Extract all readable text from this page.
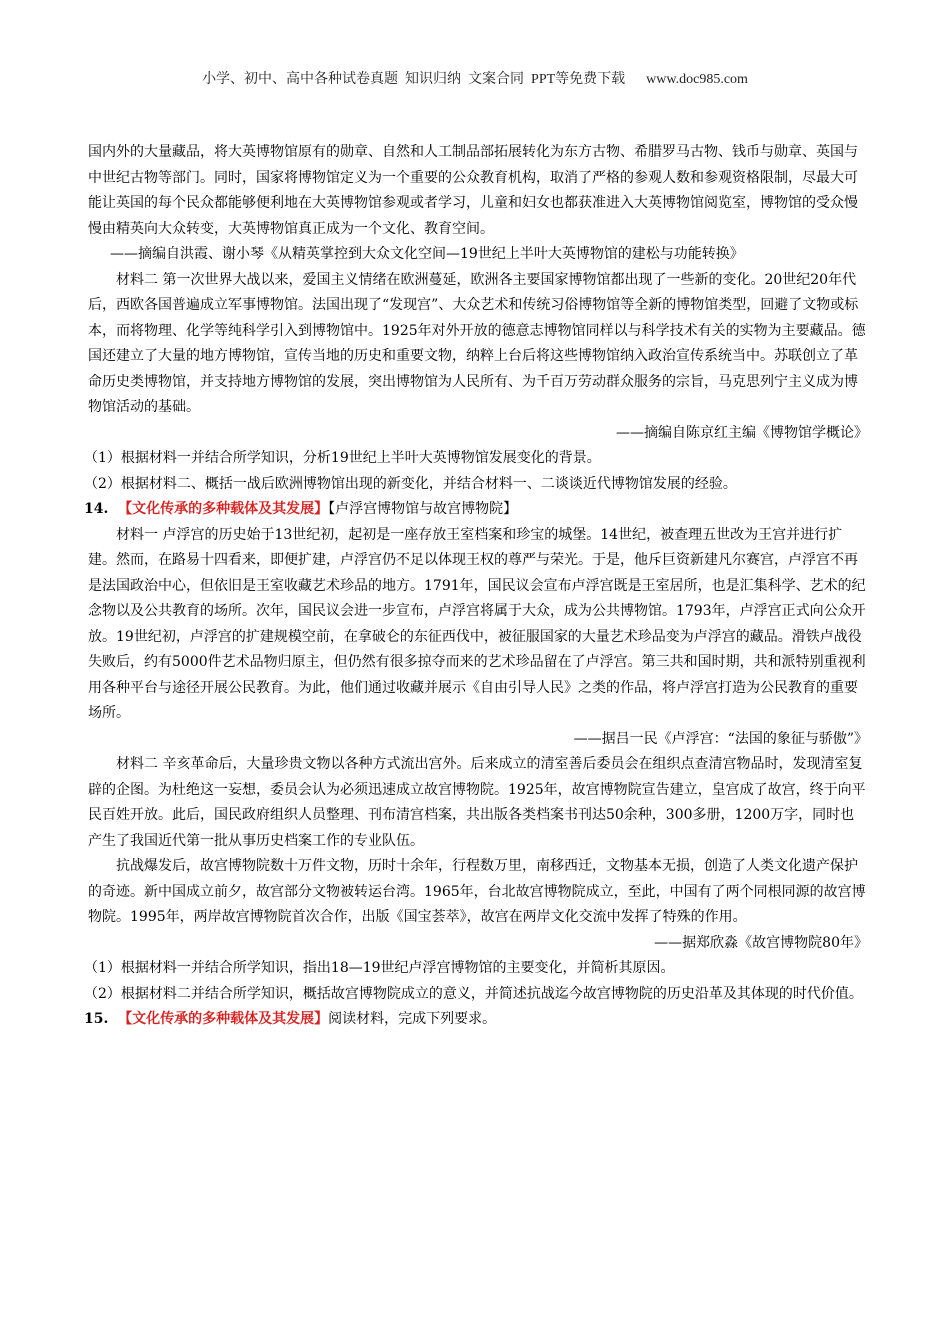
小学、初中、高中各种试卷真题  知识归纳  文案合同  PPT等免费下载      www.doc985.com

国内外的大量藏品，将大英博物馆原有的勋章、自然和人工制品部拓展转化为东方古物、希腊罗马古物、钱币与勋章、英国与中世纪古物等部门。同时，国家将博物馆定义为一个重要的公众教育机构，取消了严格的参观人数和参观资格限制，尽最大可能让英国的每个民众都能够便利地在大英博物馆参观或者学习，儿童和妇女也都获准进入大英博物馆阅览室，博物馆的受众慢慢由精英向大众转变，大英博物馆真正成为一个文化、教育空间。

——摘编自洪霞、谢小琴《从精英掌控到大众文化空间—19世纪上半叶大英博物馆的建松与功能转换》

材料二 第一次世界大战以来，爱国主义情绪在欧洲蔓延，欧洲各主要国家博物馆都出现了一些新的变化。20世纪20年代后，西欧各国普遍成立军事博物馆。法国出现了“发现宫”、大众艺术和传统习俗博物馆等全新的博物馆类型，回避了文物或标本，而将物理、化学等纯科学引入到博物馆中。1925年对外开放的德意志博物馆同样以与科学技术有关的实物为主要藏品。德国还建立了大量的地方博物馆，宣传当地的历史和重要文物，纳粹上台后将这些博物馆纳入政治宣传系统当中。苏联创立了革命历史类博物馆，并支持地方博物馆的发展，突出博物馆为人民所有、为千百万劳动群众服务的宗旨，马克思列宁主义成为博物馆活动的基础。

——摘编自陈京红主编《博物馆学概论》

（1）根据材料一并结合所学知识，分析19世纪上半叶大英博物馆发展变化的背景。

（2）根据材料二、概括一战后欧洲博物馆出现的新变化，并结合材料一、二谈谈近代博物馆发展的经验。

14. 【文化传承的多种载体及其发展】【卢浮宫博物馆与故宫博物院】

材料一 卢浮宫的历史始于13世纪初，起初是一座存放王室档案和珍宝的城堡。14世纪，被查理五世改为王宫并进行扩建。然而，在路易十四看来，即便扩建，卢浮宫仍不足以体现王权的尊严与荣光。于是，他斥巨资新建凡尔赛宫，卢浮宫不再是法国政治中心，但依旧是王室收藏艺术珍品的地方。1791年，国民议会宣布卢浮宫既是王室居所，也是汇集科学、艺术的纪念物以及公共教育的场所。次年，国民议会进一步宣布，卢浮宫将属于大众，成为公共博物馆。1793年，卢浮宫正式向公众开放。19世纪初，卢浮宫的扩建规模空前，在拿破仑的东征西伐中，被征服国家的大量艺术珍品变为卢浮宫的藏品。滑铁卢战役失败后，约有5000件艺术品物归原主，但仍然有很多掠夺而来的艺术珍品留在了卢浮宫。第三共和国时期，共和派特别重视利用各种平台与途径开展公民教育。为此，他们通过收藏并展示《自由引导人民》之类的作品，将卢浮宫打造为公民教育的重要场所。

——据吕一民《卢浮宫：“法国的象征与骄傲”》

材料二 辛亥革命后，大量珍贵文物以各种方式流出宫外。后来成立的清室善后委员会在组织点查清宫物品时，发现清室复辟的企图。为杜绝这一妄想，委员会认为必须迅速成立故宫博物院。1925年，故宫博物院宣告建立，皇宫成了故宫，终于向平民百姓开放。此后，国民政府组织人员整理、刊布清宫档案，共出版各类档案书刊达50余种，300多册，1200万字，同时也产生了我国近代第一批从事历史档案工作的专业队伍。

抗战爆发后，故宫博物院数十万件文物，历时十余年，行程数万里，南移西迁，文物基本无损，创造了人类文化遗产保护的奇迹。新中国成立前夕，故宫部分文物被转运台湾。1965年，台北故宫博物院成立，至此，中国有了两个同根同源的故宫博物院。1995年，两岸故宫博物院首次合作，出版《国宝荟萃》，故宫在两岸文化交流中发挥了特殊的作用。

——据郑欣淼《故宫博物院80年》

（1）根据材料一并结合所学知识，指出18—19世纪卢浮宫博物馆的主要变化，并简析其原因。

（2）根据材料二并结合所学知识，概括故宫博物院成立的意义，并简述抗战迄今故宫博物院的历史沿革及其体现的时代价值。

15. 【文化传承的多种载体及其发展】阅读材料，完成下列要求。
